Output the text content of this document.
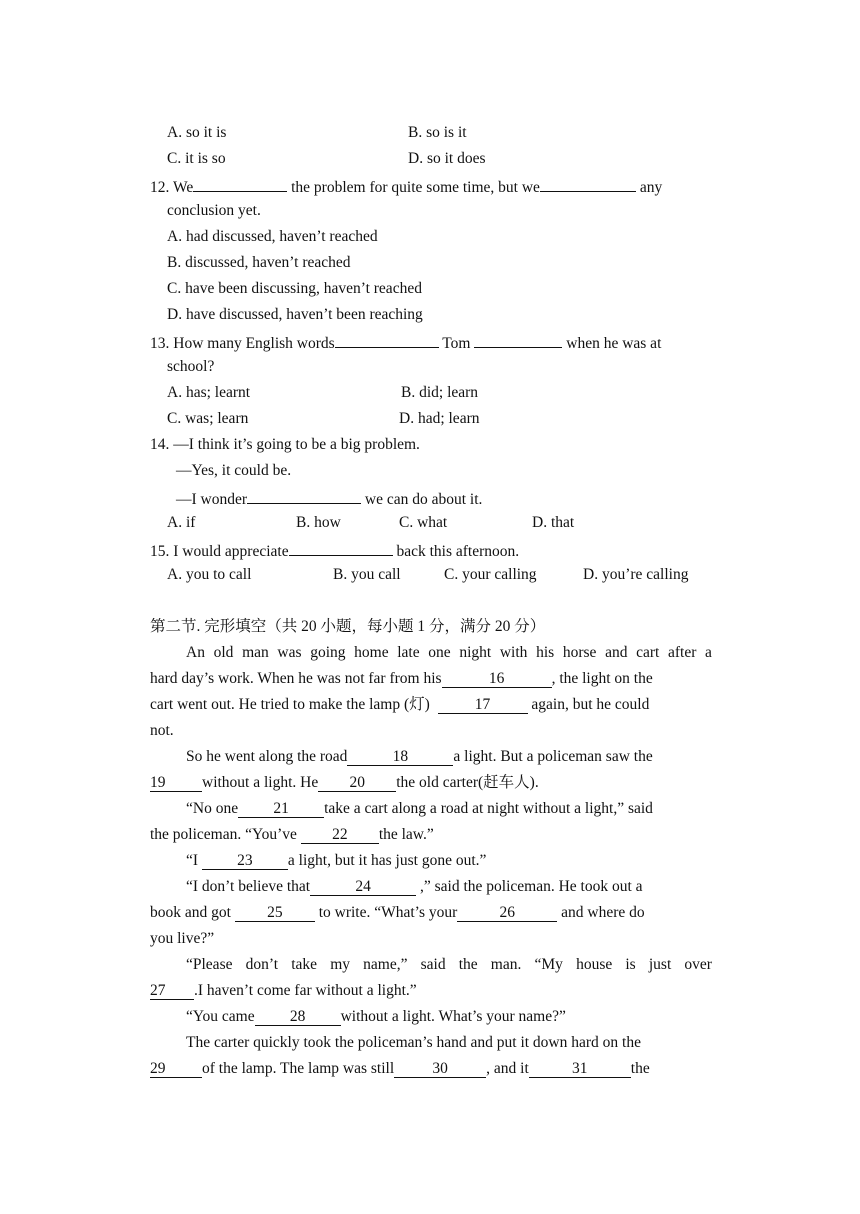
A. so it is	B. so is it
C. it is so	D. so it does
12. We	the problem for quite some time, but we	any
conclusion yet.
A. had discussed, haven’t reached
B. discussed, haven’t reached
C. have been discussing, haven’t reached
D. have discussed, haven’t been reaching
13. How many English words	Tom	when he was at
school?
A. has; learnt	B. did; learn
C. was; learn	D. had; learn
14. —I think it’s going to be a big problem.
—Yes, it could be.
—I wonder	we can do about it.
A. if	B. how	C. what	D. that
15. I would appreciate	back this afternoon.
A. you to call	B. you call	C. your calling	D. you’re calling
第二节. 完形填空（共 20 小题，每小题 1 分，满分 20 分）
An old man was going home late one night with his horse and cart after a
hard day’s work. When he was not far from his	16	, the light on the
cart went out. He tried to make the lamp (灯)	17 again, but he could
not.
So he went along the road	18	a light. But a policeman saw the
19 without a light. He 20 the old carter(赶车人).
“No one 21 take a cart along a road at night without a light,” said
the policeman. “You’ve 22 the law.”
“I 23 a light, but it has just gone out.”
“I don’t believe that	24	,” said the policeman. He took out a
book and got 25 to write. “What’s your	26	and where do
you live?”
“Please don’t take my name,” said the man. “My house is just over
27 .I haven’t come far without a light.”
“You came 28 without a light. What’s your name?”
The carter quickly took the policeman’s hand and put it down hard on the
29 of the lamp. The lamp was still 30 , and it	31	the
